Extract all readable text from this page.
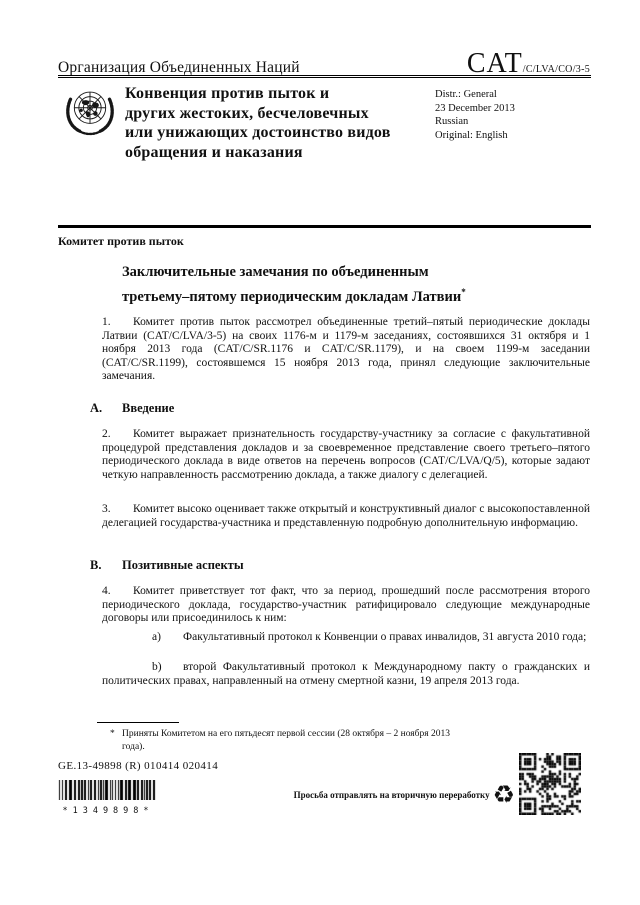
Организация Объединенных Наций	CAT/C/LVA/CO/3-5
Конвенция против пыток и
других жестоких, бесчеловечных
или унижающих достоинство видов
обращения и наказания
Distr.: General
23 December 2013
Russian
Original: English
Комитет против пыток
Заключительные замечания по объединенным третьему–пятому периодическим докладам Латвии*

1. Комитет против пыток рассмотрел объединенные третий–пятый периодические доклады Латвии (CAT/C/LVA/3-5) на своих 1176-м и 1179-м заседаниях, состоявшихся 31 октября и 1 ноября 2013 года (CAT/C/SR.1176 и CAT/C/SR.1179), и на своем 1199-м заседании (CAT/C/SR.1199), состоявшемся 15 ноября 2013 года, принял следующие заключительные замечания.

A. Введение

2. Комитет выражает признательность государству-участнику за согласие с факультативной процедурой представления докладов и за своевременное представление своего третьего–пятого периодического доклада в виде ответов на перечень вопросов (CAT/C/LVA/Q/5), которые задают четкую направленность рассмотрению доклада, а также диалогу с делегацией.

3. Комитет высоко оценивает также открытый и конструктивный диалог с высокопоставленной делегацией государства-участника и представленную подробную дополнительную информацию.

B. Позитивные аспекты

4. Комитет приветствует тот факт, что за период, прошедший после рассмотрения второго периодического доклада, государство-участник ратифицировало следующие международные договоры или присоединилось к ним:

a) Факультативный протокол к Конвенции о правах инвалидов, 31 августа 2010 года;

b) второй Факультативный протокол к Международному пакту о гражданских и политических правах, направленный на отмену смертной казни, 19 апреля 2013 года.

* Приняты Комитетом на его пятьдесят первой сессии (28 октября – 2 ноября 2013 года).
GE.13-49898 (R) 010414 020414
*1349898*
Просьба отправлять на вторичную переработку ♻
